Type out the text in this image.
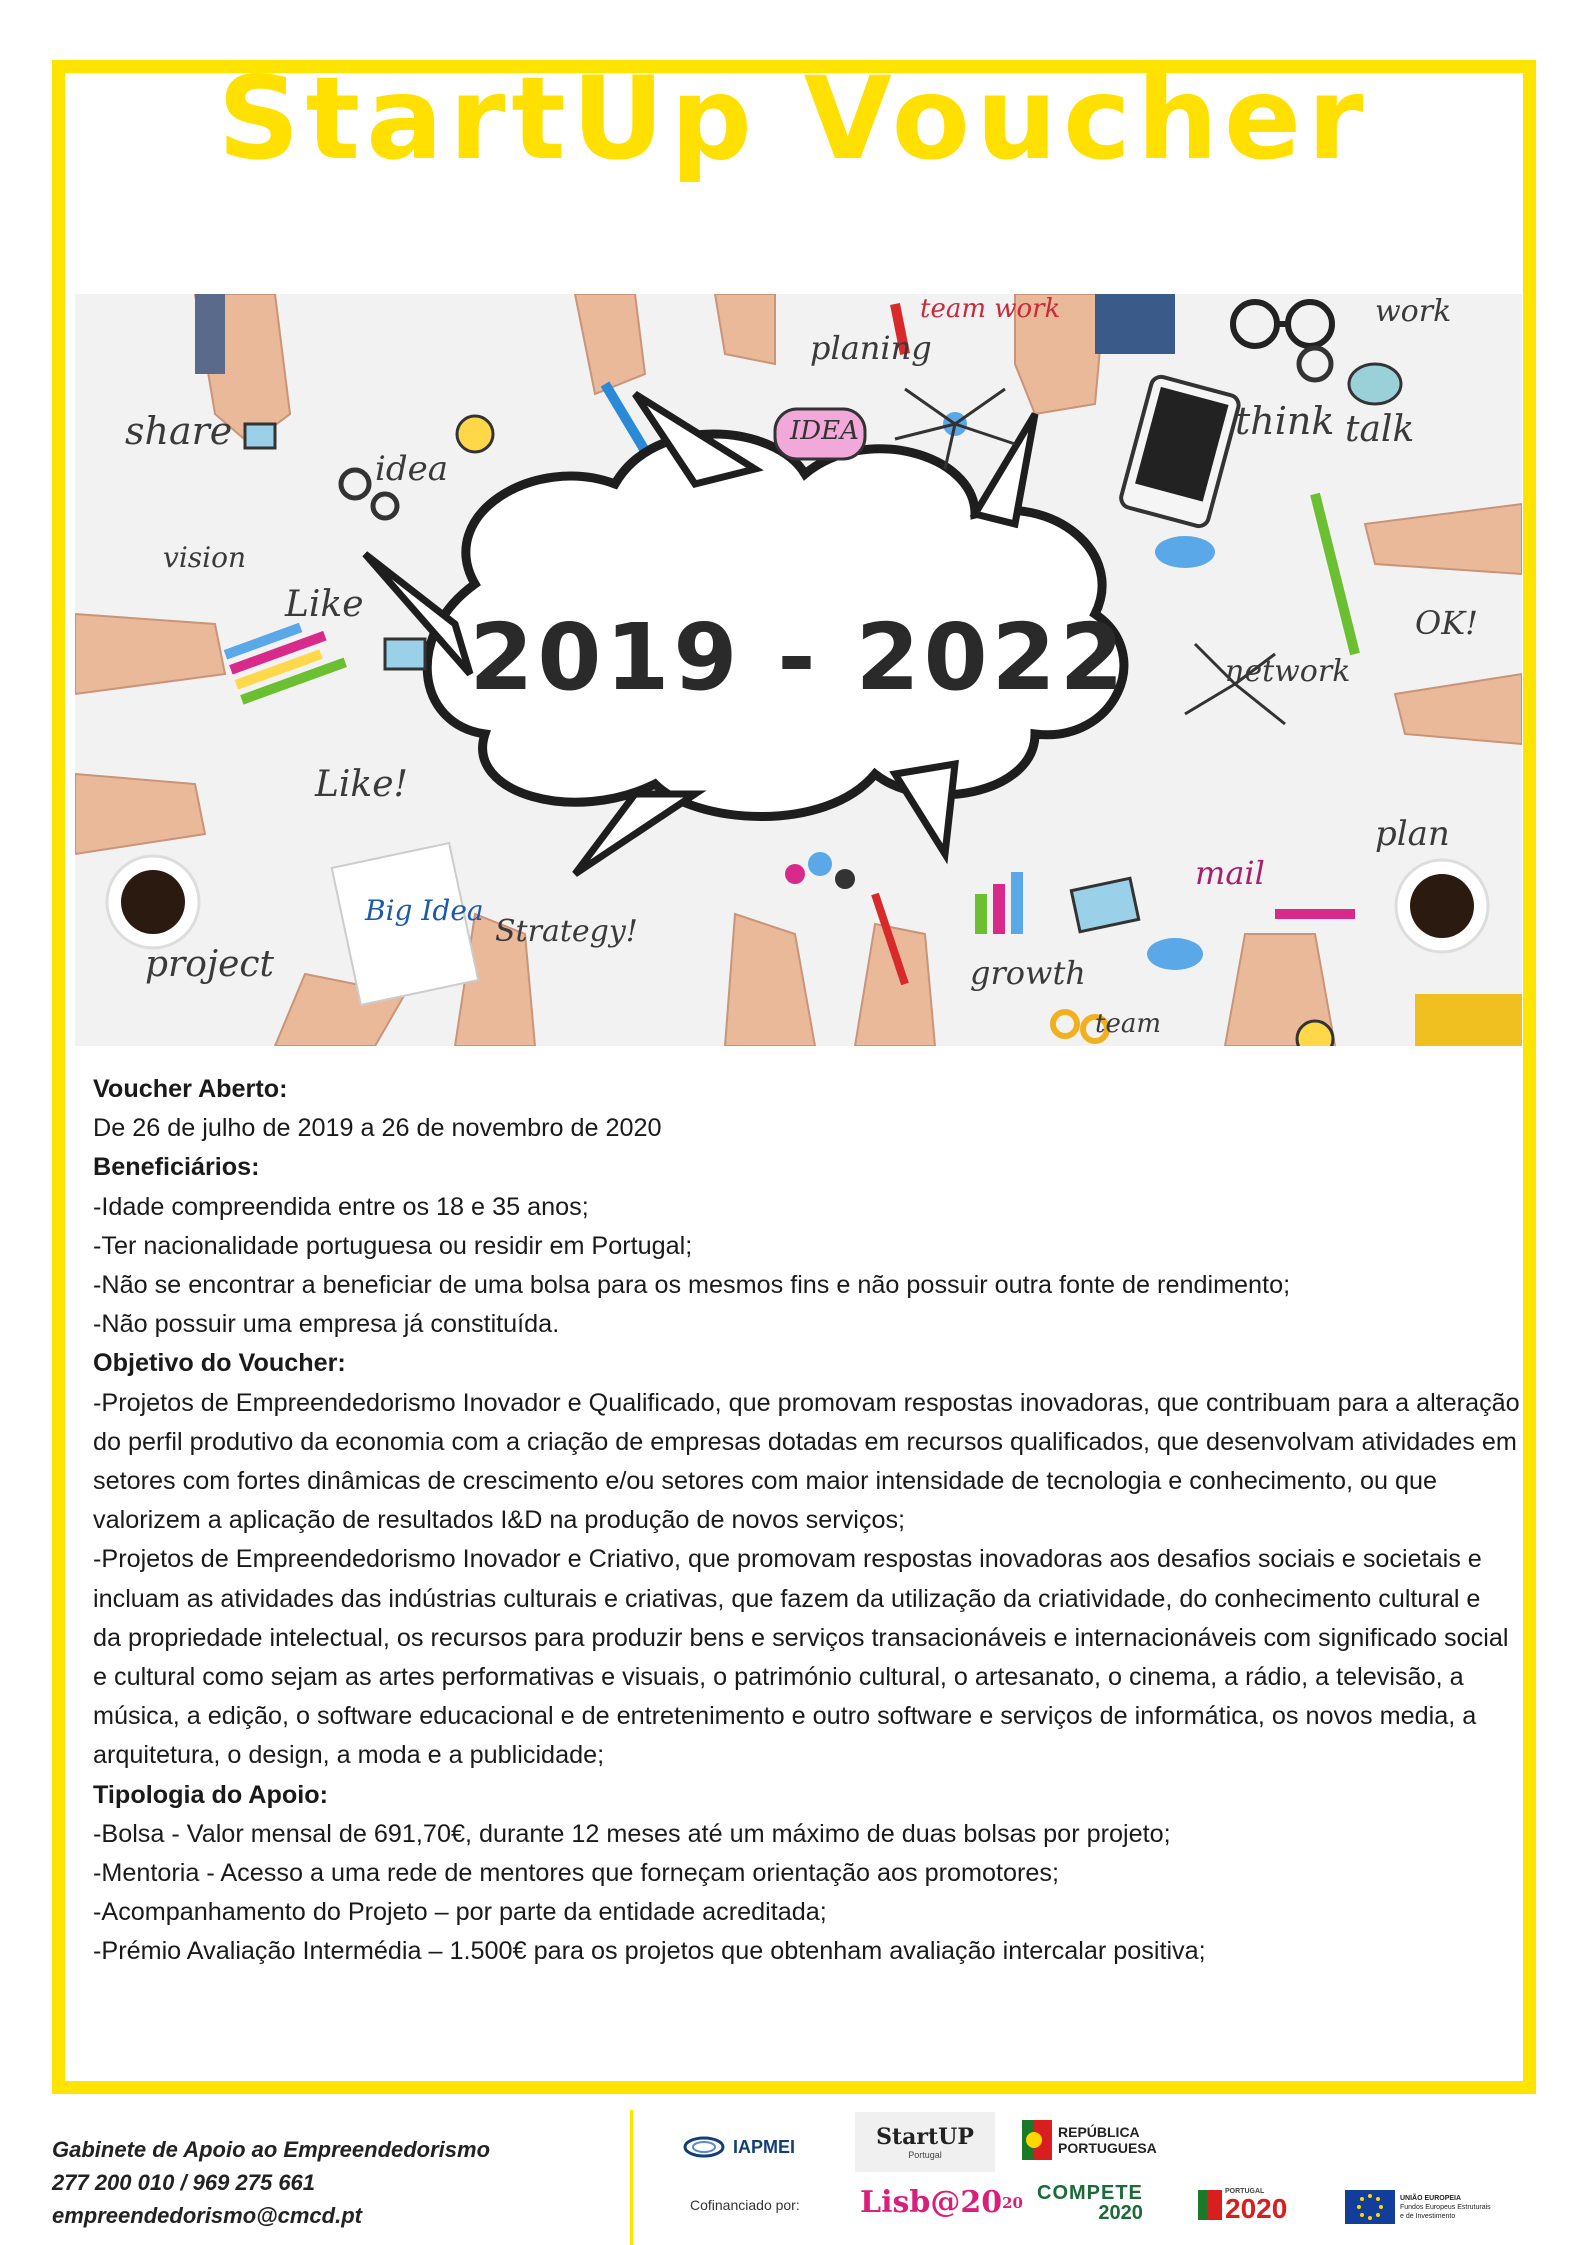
StartUp Voucher
share
idea
vision
Like
Like!
project
Big Idea
Strategy!
planing
team work
IDEA
work
think talk
OK!
network
plan
mail
growth
team
2019 - 2022

Voucher Aberto:

De 26 de julho de 2019 a 26 de novembro de 2020

Beneficiários:

-Idade compreendida entre os 18 e 35 anos;

-Ter nacionalidade portuguesa ou residir em Portugal;

-Não se encontrar a beneficiar de uma bolsa para os mesmos fins e não possuir outra fonte de rendimento;

-Não possuir uma empresa já constituída.

Objetivo do Voucher:

-Projetos de Empreendedorismo Inovador e Qualificado, que promovam respostas inovadoras, que contribuam para a alteração do perfil produtivo da economia com a criação de empresas dotadas em recursos qualificados, que desenvolvam atividades em setores com fortes dinâmicas de crescimento e/ou setores com maior intensidade de tecnologia e conhecimento, ou que valorizem a aplicação de resultados I&D na produção de novos serviços;

-Projetos de Empreendedorismo Inovador e Criativo, que promovam respostas inovadoras aos desafios sociais e societais e incluam as atividades das indústrias culturais e criativas, que fazem da utilização da criatividade, do conhecimento cultural e

da propriedade intelectual, os recursos para produzir bens e serviços transacionáveis e internacionáveis com significado social e cultural como sejam as artes performativas e visuais, o património cultural, o artesanato, o cinema, a rádio, a televisão, a música, a edição, o software educacional e de entretenimento e outro software e serviços de informática, os novos media, a arquitetura, o design, a moda e a publicidade;

Tipologia do Apoio:

-Bolsa - Valor mensal de 691,70€, durante 12 meses até um máximo de duas bolsas por projeto;

-Mentoria - Acesso a uma rede de mentores que forneçam orientação aos promotores;

-Acompanhamento do Projeto – por parte da entidade acreditada;

-Prémio Avaliação Intermédia – 1.500€ para os projetos que obtenham avaliação intercalar positiva;

Gabinete de Apoio ao Empreendedorismo
277 200 010 / 969 275 661
empreendedorismo@cmcd.pt
IAPMEI	StartUP
Portugal
REPÚBLICA
PORTUGUESA
Cofinanciado por: Lisb@20 20 COMPETE
2020
PORTUGAL
2020	UNIÃO EUROPEIA
Fundos Europeus Estruturais
e de Investimento
